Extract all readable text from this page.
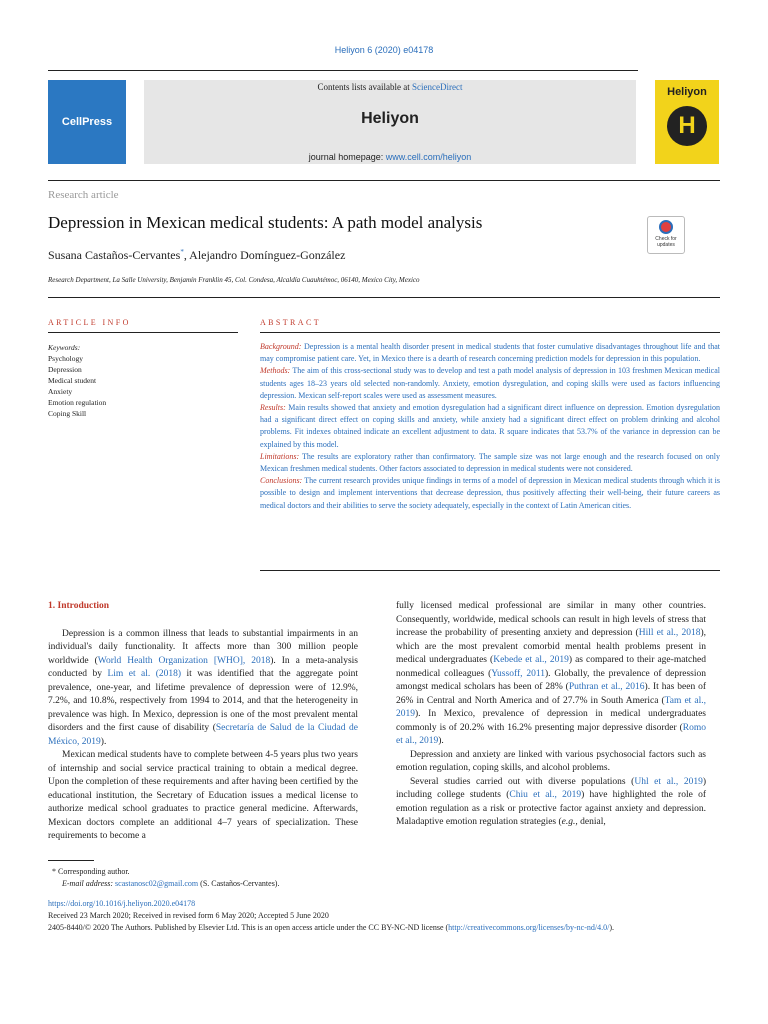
Heliyon 6 (2020) e04178
CellPress
Contents lists available at ScienceDirect
Heliyon
journal homepage: www.cell.com/heliyon
Heliyon
H
Research article
Depression in Mexican medical students: A path model analysis
Check for updates
Susana Castaños-Cervantes*, Alejandro Domínguez-González
Research Department, La Salle University, Benjamín Franklin 45, Col. Condesa, Alcaldía Cuauhtémoc, 06140, Mexico City, Mexico
ARTICLE INFO	ABSTRACT
Keywords:
Psychology
Depression
Medical student
Anxiety
Emotion regulation
Coping Skill
Background: Depression is a mental health disorder present in medical students that foster cumulative disadvantages throughout life and that may compromise patient care. Yet, in Mexico there is a dearth of research concerning prediction models for depression in this population.
Methods: The aim of this cross-sectional study was to develop and test a path model analysis of depression in 103 freshmen Mexican medical students ages 18–23 years old selected non-randomly. Anxiety, emotion dysregulation, and coping skills were used as factors influencing depression. Mexican self-report scales were used as assessment measures.
Results: Main results showed that anxiety and emotion dysregulation had a significant direct influence on depression. Emotion dysregulation had a significant direct effect on coping skills and anxiety, while anxiety had a significant direct effect on problem drinking and alcohol problems. Fit indexes obtained indicate an excellent adjustment to data. R square indicates that 53.7% of the variance in depression can be explained by this model.
Limitations: The results are exploratory rather than confirmatory. The sample size was not large enough and the research focused on only Mexican freshmen medical students. Other factors associated to depression in medical students were not considered.
Conclusions: The current research provides unique findings in terms of a model of depression in Mexican medical students through which it is possible to design and implement interventions that decrease depression, thus positively affecting their well-being, their future careers as medical doctors and their abilities to serve the society adequately, especially in the context of Latin American cities.
1. Introduction

Depression is a common illness that leads to substantial impairments in an individual's daily functionality. It affects more than 300 million people worldwide (World Health Organization [WHO], 2018). In a meta-analysis conducted by Lim et al. (2018) it was identified that the aggregate point prevalence, one-year, and lifetime prevalence of depression were of 12.9%, 7.2%, and 10.8%, respectively from 1994 to 2014, and that the heterogeneity in prevalence was high. In Mexico, depression is one of the most prevalent mental disorders and the first cause of disability (Secretaría de Salud de la Ciudad de México, 2019).

Mexican medical students have to complete between 4-5 years plus two years of internship and social service practical training to obtain a medical degree. Upon the completion of these requirements and after having been certified by the educational institution, the Secretary of Education issues a medical license to authorize medical school graduates to practice general medicine. Afterwards, Mexican doctors complete an additional 4–7 years of specialization. These requirements to become a

fully licensed medical professional are similar in many other countries. Consequently, worldwide, medical schools can result in high levels of stress that increase the probability of presenting anxiety and depression (Hill et al., 2018), which are the most prevalent comorbid mental health problems present in medical undergraduates (Kebede et al., 2019) as compared to their age-matched nonmedical colleagues (Yussoff, 2011). Globally, the prevalence of depression amongst medical scholars has been of 28% (Puthran et al., 2016). It has been of 26% in Central and North America and of 27.7% in South America (Tam et al., 2019). In Mexico, prevalence of depression in medical undergraduates commonly is of 20.2% with 16.2% presenting major depressive disorder (Romo et al., 2019).

Depression and anxiety are linked with various psychosocial factors such as emotion regulation, coping skills, and alcohol problems.

Several studies carried out with diverse populations (Uhl et al., 2019) including college students (Chiu et al., 2019) have highlighted the role of emotion regulation as a risk or protective factor against anxiety and depression. Maladaptive emotion regulation strategies (e.g., denial,

* Corresponding author.
E-mail address: scastanosc02@gmail.com (S. Castaños-Cervantes).
https://doi.org/10.1016/j.heliyon.2020.e04178
Received 23 March 2020; Received in revised form 6 May 2020; Accepted 5 June 2020
2405-8440/© 2020 The Authors. Published by Elsevier Ltd. This is an open access article under the CC BY-NC-ND license (http://creativecommons.org/licenses/by-nc-nd/4.0/).
